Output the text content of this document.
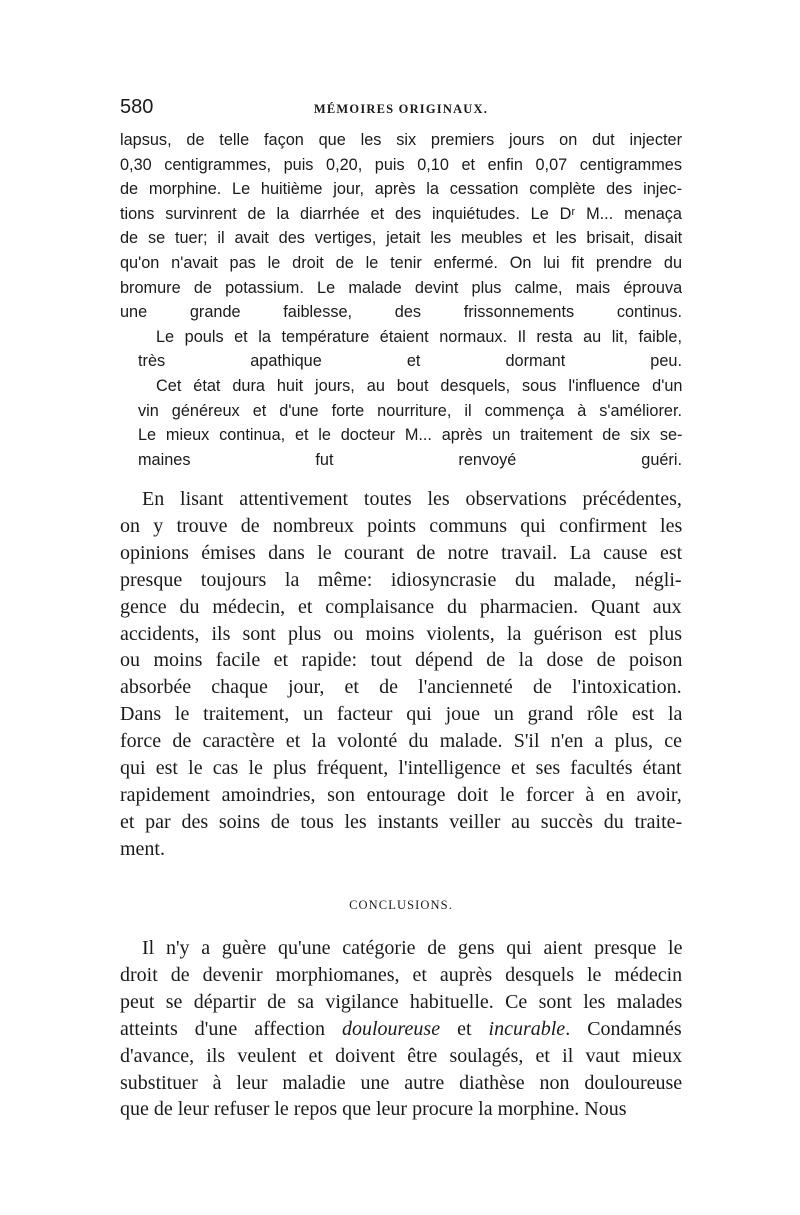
580	MÉMOIRES ORIGINAUX.

lapsus, de telle façon que les six premiers jours on dut injecter
0,30 centigrammes, puis 0,20, puis 0,10 et enfin 0,07 centigrammes
de morphine. Le huitième jour, après la cessation complète des injec-
tions survinrent de la diarrhée et des inquiétudes. Le Dʳ M... menaça
de se tuer; il avait des vertiges, jetait les meubles et les brisait, disait
qu'on n'avait pas le droit de le tenir enfermé. On lui fit prendre du
bromure de potassium. Le malade devint plus calme, mais éprouva
une grande faiblesse, des frissonnements continus.

Le pouls et la température étaient normaux. Il resta au lit, faible,
très apathique et dormant peu.

Cet état dura huit jours, au bout desquels, sous l'influence d'un
vin généreux et d'une forte nourriture, il commença à s'améliorer.
Le mieux continua, et le docteur M... après un traitement de six se-
maines fut renvoyé guéri.

En lisant attentivement toutes les observations précédentes,
on y trouve de nombreux points communs qui confirment les
opinions émises dans le courant de notre travail. La cause est
presque toujours la même: idiosyncrasie du malade, négli-
gence du médecin, et complaisance du pharmacien. Quant aux
accidents, ils sont plus ou moins violents, la guérison est plus
ou moins facile et rapide: tout dépend de la dose de poison
absorbée chaque jour, et de l'ancienneté de l'intoxication.
Dans le traitement, un facteur qui joue un grand rôle est la
force de caractère et la volonté du malade. S'il n'en a plus, ce
qui est le cas le plus fréquent, l'intelligence et ses facultés étant
rapidement amoindries, son entourage doit le forcer à en avoir,
et par des soins de tous les instants veiller au succès du traite-
ment.
CONCLUSIONS.
Il n'y a guère qu'une catégorie de gens qui aient presque le
droit de devenir morphiomanes, et auprès desquels le médecin
peut se départir de sa vigilance habituelle. Ce sont les malades
atteints d'une affection douloureuse et incurable. Condamnés
d'avance, ils veulent et doivent être soulagés, et il vaut mieux
substituer à leur maladie une autre diathèse non douloureuse
que de leur refuser le repos que leur procure la morphine. Nous
